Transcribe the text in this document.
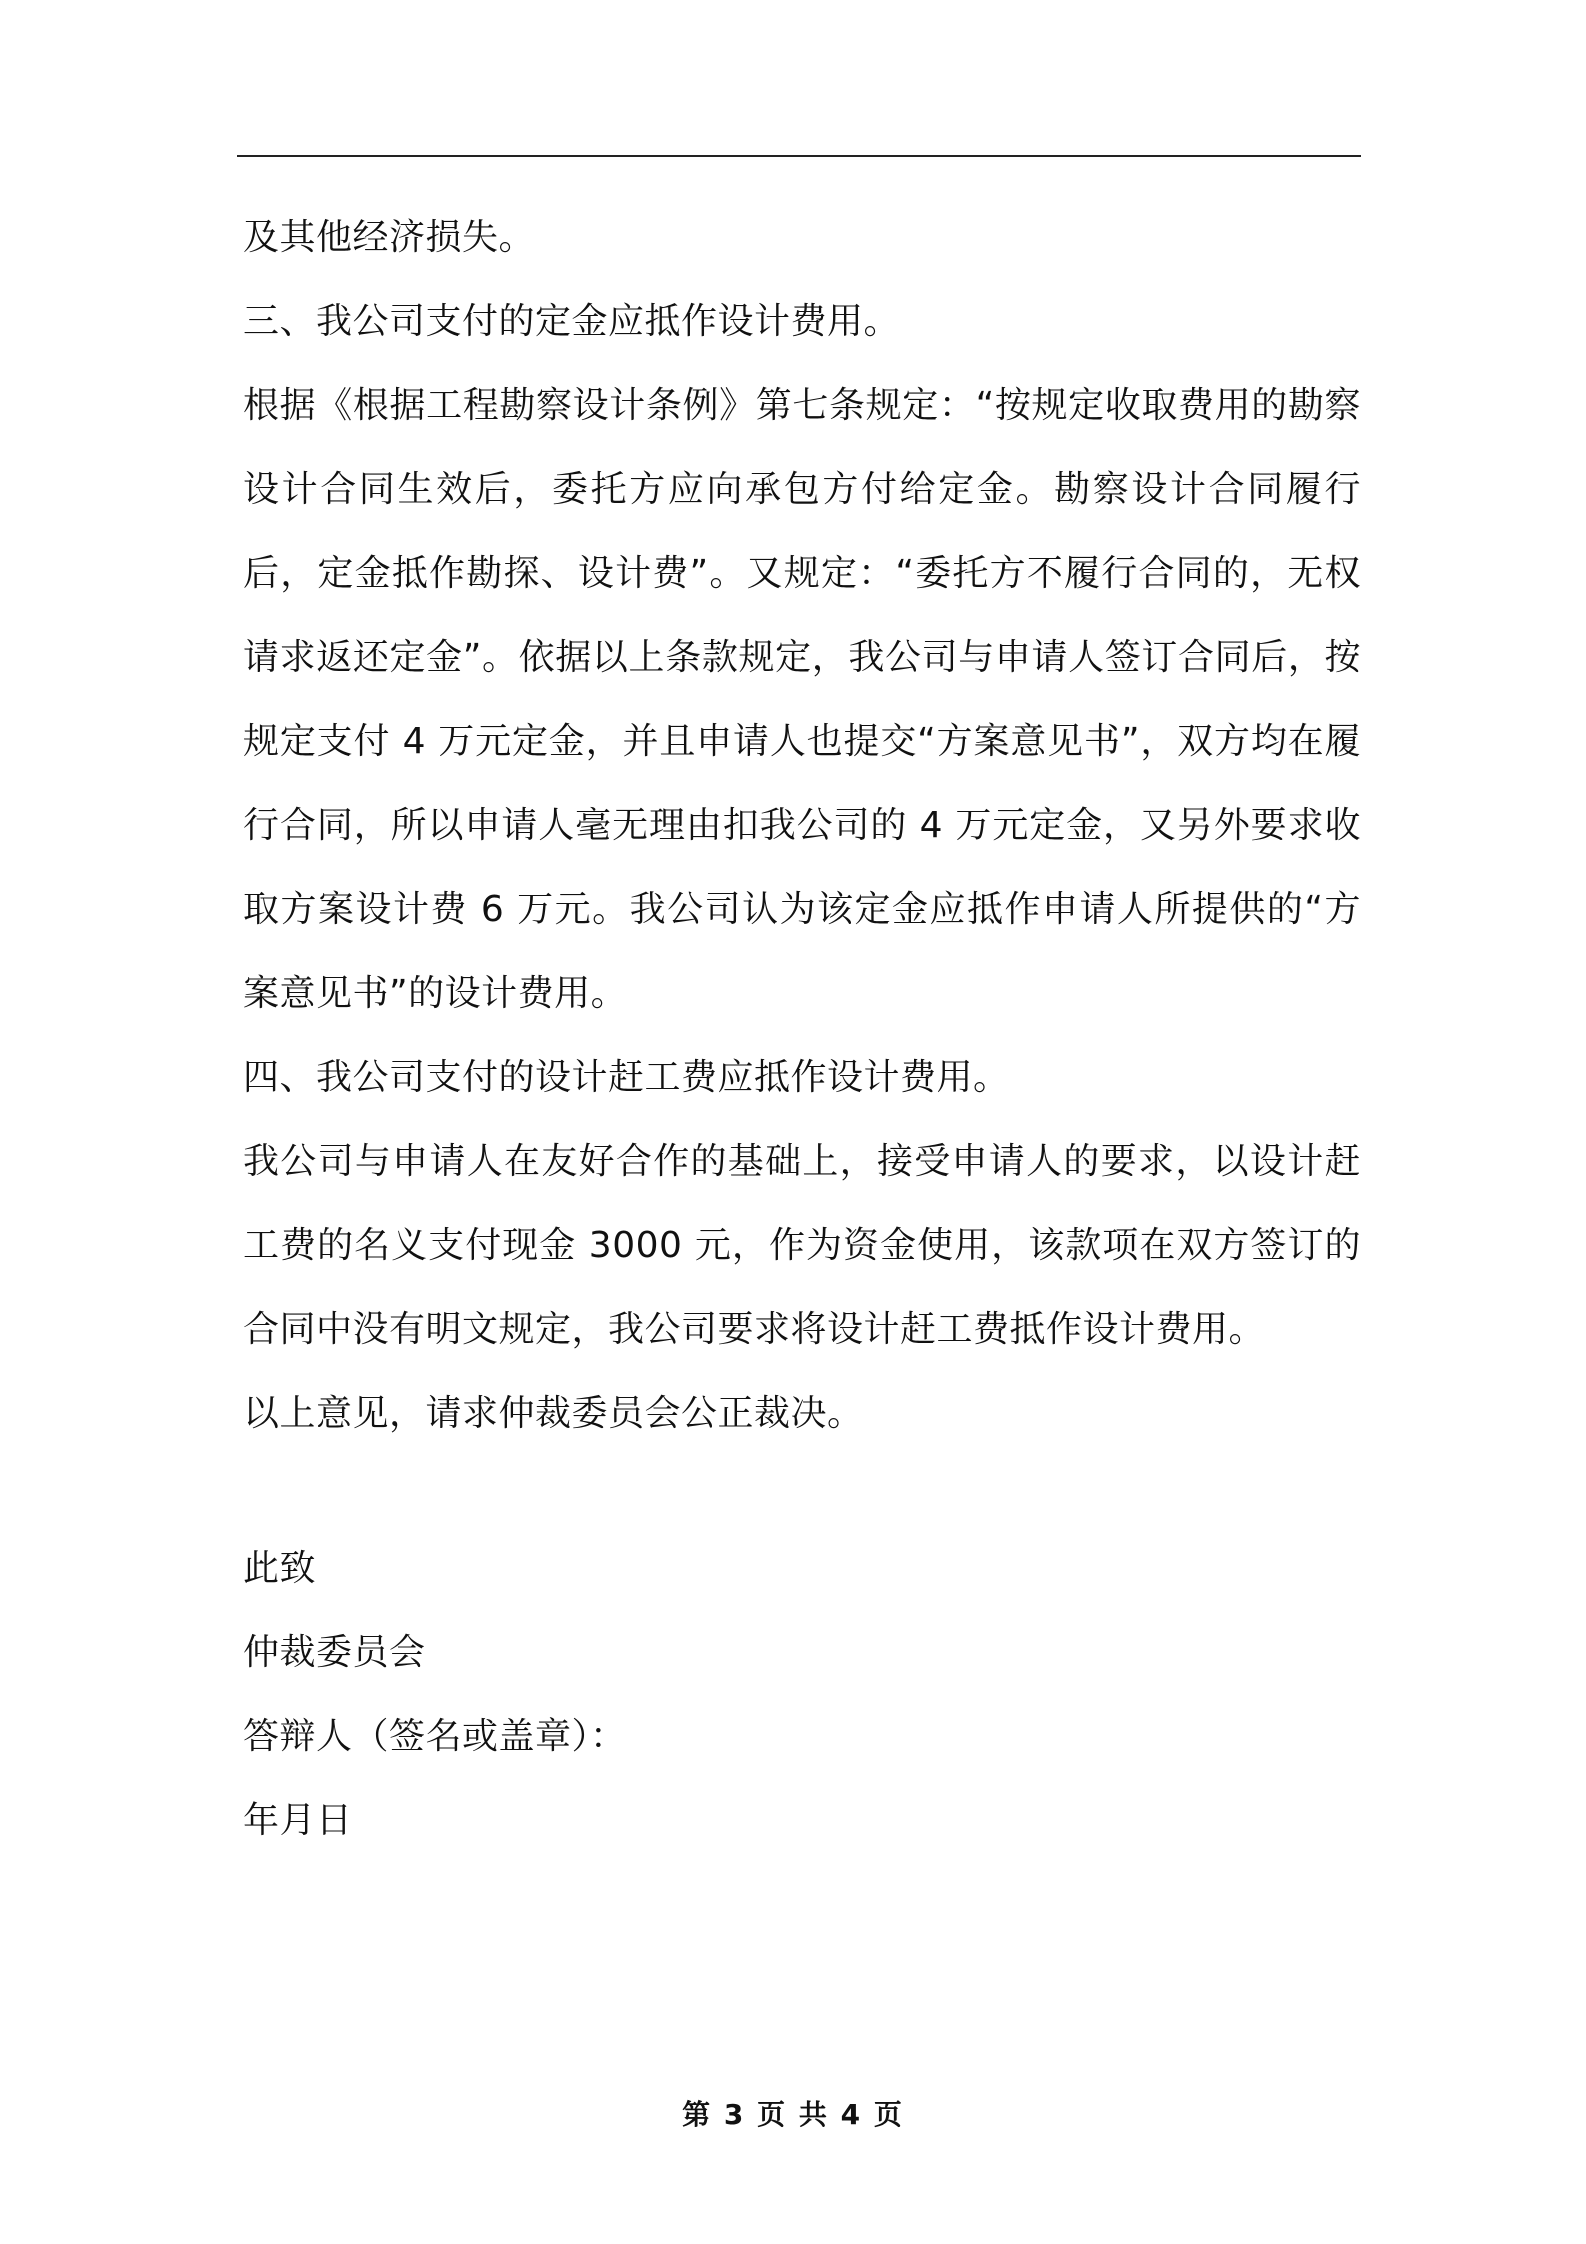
及其他经济损失。

三、我公司支付的定金应抵作设计费用。

根据《根据工程勘察设计条例》第七条规定：“按规定收取费用的勘察设计合同生效后，委托方应向承包方付给定金。勘察设计合同履行后，定金抵作勘探、设计费”。又规定：“委托方不履行合同的，无权请求返还定金”。依据以上条款规定，我公司与申请人签订合同后，按规定支付 4 万元定金，并且申请人也提交“方案意见书”，双方均在履行合同，所以申请人毫无理由扣我公司的 4 万元定金，又另外要求收取方案设计费 6 万元。我公司认为该定金应抵作申请人所提供的“方案意见书”的设计费用。

四、我公司支付的设计赶工费应抵作设计费用。

我公司与申请人在友好合作的基础上，接受申请人的要求，以设计赶工费的名义支付现金 3000 元，作为资金使用，该款项在双方签订的合同中没有明文规定，我公司要求将设计赶工费抵作设计费用。

以上意见，请求仲裁委员会公正裁决。

此致

仲裁委员会

答辩人（签名或盖章）：

年月日

第 3 页 共 4 页
